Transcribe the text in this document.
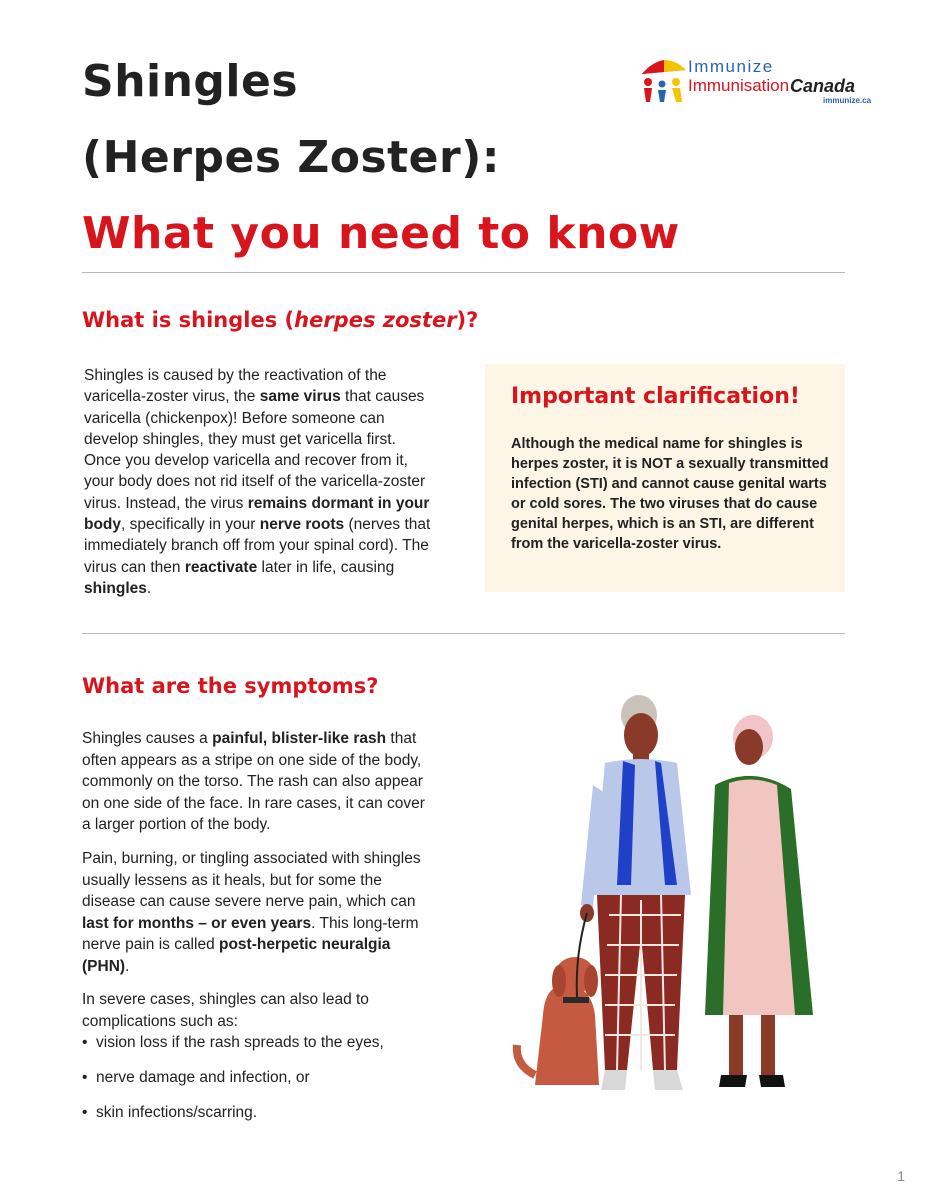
Shingles
(Herpes Zoster):
What you need to know
Immunize
Immunisation Canada
immunize.ca
What is shingles (herpes zoster)?

Shingles is caused by the reactivation of the varicella-zoster virus, the same virus that causes varicella (chickenpox)! Before someone can develop shingles, they must get varicella first. Once you develop varicella and recover from it, your body does not rid itself of the varicella-zoster virus. Instead, the virus remains dormant in your body, specifically in your nerve roots (nerves that immediately branch off from your spinal cord). The virus can then reactivate later in life, causing shingles.

Important clarification!

Although the medical name for shingles is herpes zoster, it is NOT a sexually transmitted infection (STI) and cannot cause genital warts or cold sores. The two viruses that do cause genital herpes, which is an STI, are different from the varicella-zoster virus.

What are the symptoms?

Shingles causes a painful, blister-like rash that often appears as a stripe on one side of the body, commonly on the torso. The rash can also appear on one side of the face. In rare cases, it can cover a larger portion of the body.

Pain, burning, or tingling associated with shingles usually lessens as it heals, but for some the disease can cause severe nerve pain, which can last for months – or even years. This long-term nerve pain is called post-herpetic neuralgia (PHN).

In severe cases, shingles can also lead to complications such as:

• vision loss if the rash spreads to the eyes,
• nerve damage and infection, or
• skin infections/scarring.
1
